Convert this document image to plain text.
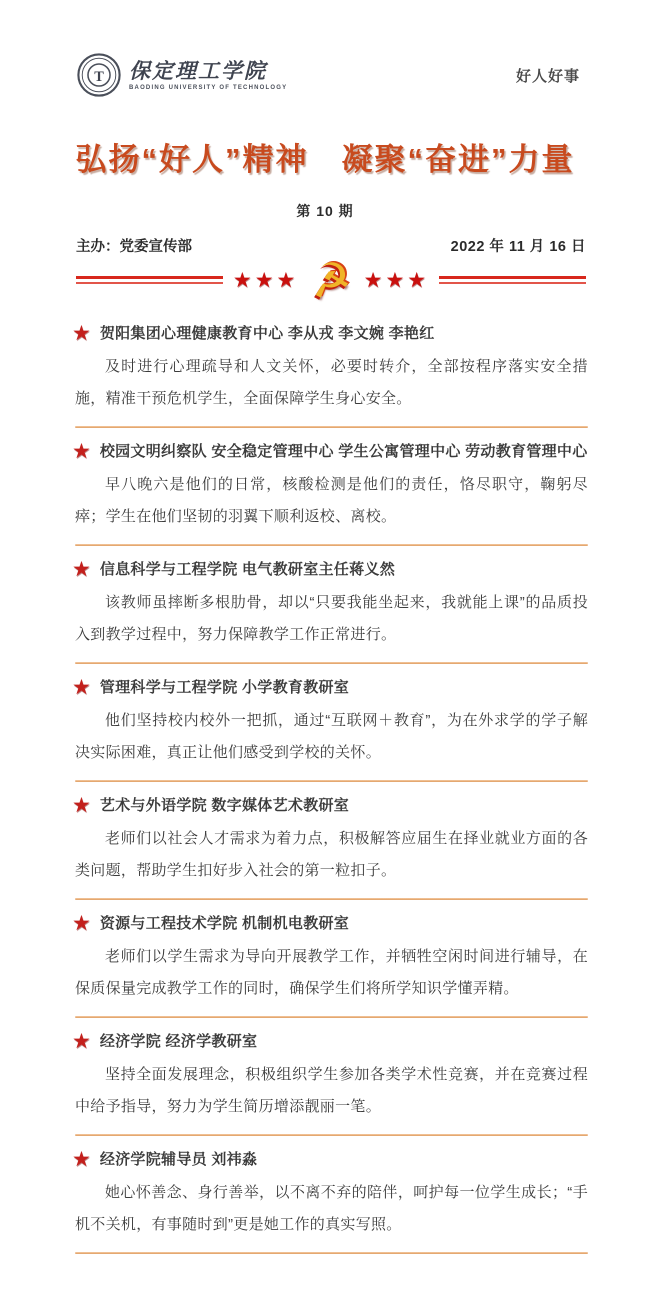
T 保定理工学院
BAODING UNIVERSITY OF TECHNOLOGY
好人好事
弘扬“好人”精神　凝聚“奋进”力量
第 10 期
主办：党委宣传部	2022 年 11 月 16 日
★★★ ☭ ★★★
★ 贺阳集团心理健康教育中心 李从戎 李文婉 李艳红
及时进行心理疏导和人文关怀，必要时转介，全部按程序落实安全措施，精准干预危机学生，全面保障学生身心安全。
★ 校园文明纠察队 安全稳定管理中心 学生公寓管理中心 劳动教育管理中心
早八晚六是他们的日常，核酸检测是他们的责任，恪尽职守，鞠躬尽瘁；学生在他们坚韧的羽翼下顺利返校、离校。
★ 信息科学与工程学院 电气教研室主任蒋义然
该教师虽摔断多根肋骨，却以“只要我能坐起来，我就能上课”的品质投入到教学过程中，努力保障教学工作正常进行。
★ 管理科学与工程学院 小学教育教研室
他们坚持校内校外一把抓，通过“互联网＋教育”，为在外求学的学子解决实际困难，真正让他们感受到学校的关怀。
★ 艺术与外语学院 数字媒体艺术教研室
老师们以社会人才需求为着力点，积极解答应届生在择业就业方面的各类问题，帮助学生扣好步入社会的第一粒扣子。
★ 资源与工程技术学院 机制机电教研室
老师们以学生需求为导向开展教学工作，并牺牲空闲时间进行辅导，在保质保量完成教学工作的同时，确保学生们将所学知识学懂弄精。
★ 经济学院 经济学教研室
坚持全面发展理念，积极组织学生参加各类学术性竞赛，并在竞赛过程中给予指导，努力为学生简历增添靓丽一笔。
★ 经济学院辅导员 刘祎淼
她心怀善念、身行善举，以不离不弃的陪伴，呵护每一位学生成长；“手机不关机，有事随时到”更是她工作的真实写照。
